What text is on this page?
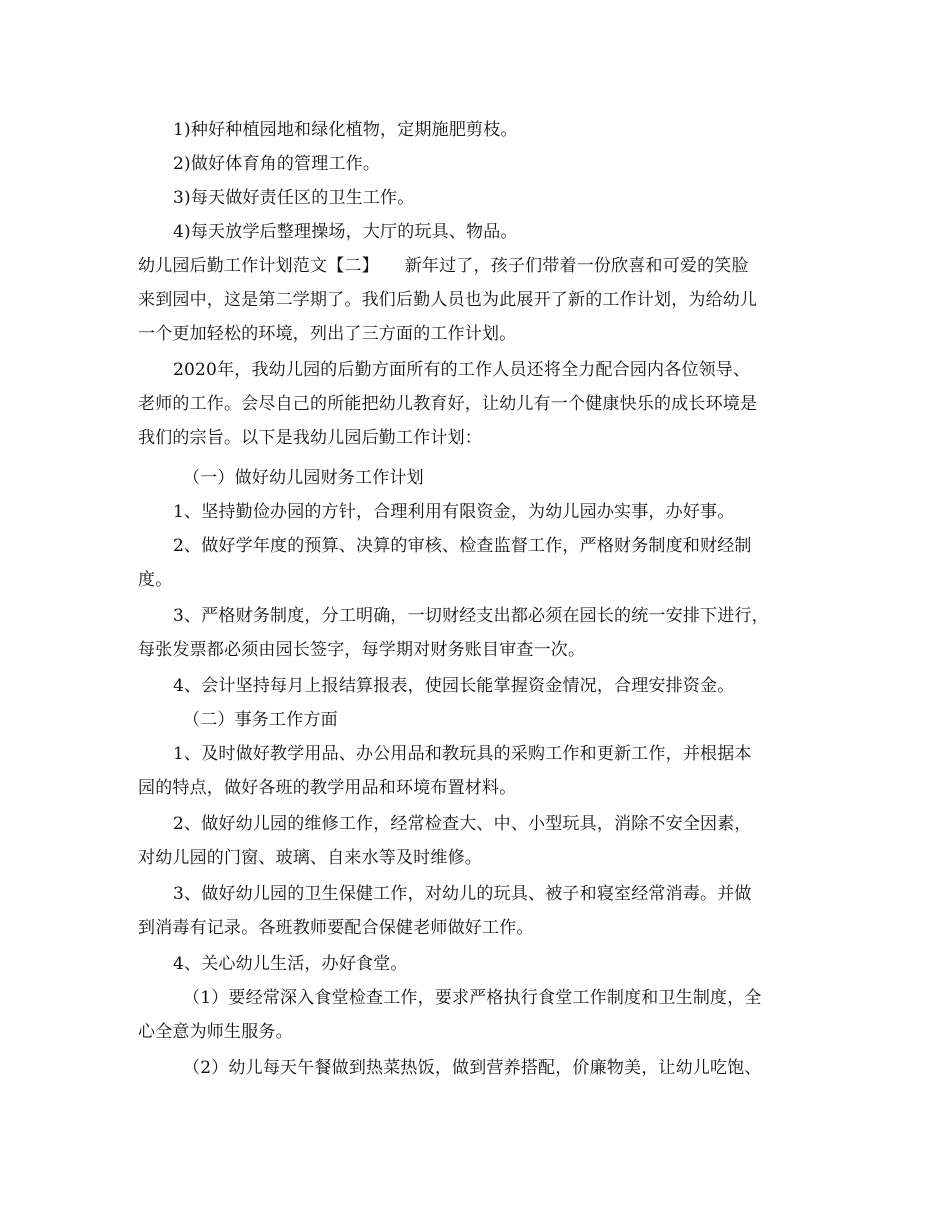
1)种好种植园地和绿化植物，定期施肥剪枝。
2)做好体育角的管理工作。
3)每天做好责任区的卫生工作。
4)每天放学后整理操场，大厅的玩具、物品。
幼儿园后勤工作计划范文【二】　　新年过了，孩子们带着一份欣喜和可爱的笑脸
来到园中，这是第二学期了。我们后勤人员也为此展开了新的工作计划，为给幼儿
一个更加轻松的环境，列出了三方面的工作计划。
2020年，我幼儿园的后勤方面所有的工作人员还将全力配合园内各位领导、
老师的工作。会尽自己的所能把幼儿教育好，让幼儿有一个健康快乐的成长环境是
我们的宗旨。以下是我幼儿园后勤工作计划：
（一）做好幼儿园财务工作计划
1、坚持勤俭办园的方针，合理利用有限资金，为幼儿园办实事，办好事。
2、做好学年度的预算、决算的审核、检查监督工作，严格财务制度和财经制
度。
3、严格财务制度，分工明确，一切财经支出都必须在园长的统一安排下进行，
每张发票都必须由园长签字，每学期对财务账目审查一次。
4、会计坚持每月上报结算报表，使园长能掌握资金情况，合理安排资金。
（二）事务工作方面
1、及时做好教学用品、办公用品和教玩具的采购工作和更新工作，并根据本
园的特点，做好各班的教学用品和环境布置材料。
2、做好幼儿园的维修工作，经常检查大、中、小型玩具，消除不安全因素，
对幼儿园的门窗、玻璃、自来水等及时维修。
3、做好幼儿园的卫生保健工作，对幼儿的玩具、被子和寝室经常消毒。并做
到消毒有记录。各班教师要配合保健老师做好工作。
4、关心幼儿生活，办好食堂。
（1）要经常深入食堂检查工作，要求严格执行食堂工作制度和卫生制度，全
心全意为师生服务。
（2）幼儿每天午餐做到热菜热饭，做到营养搭配，价廉物美，让幼儿吃饱、
